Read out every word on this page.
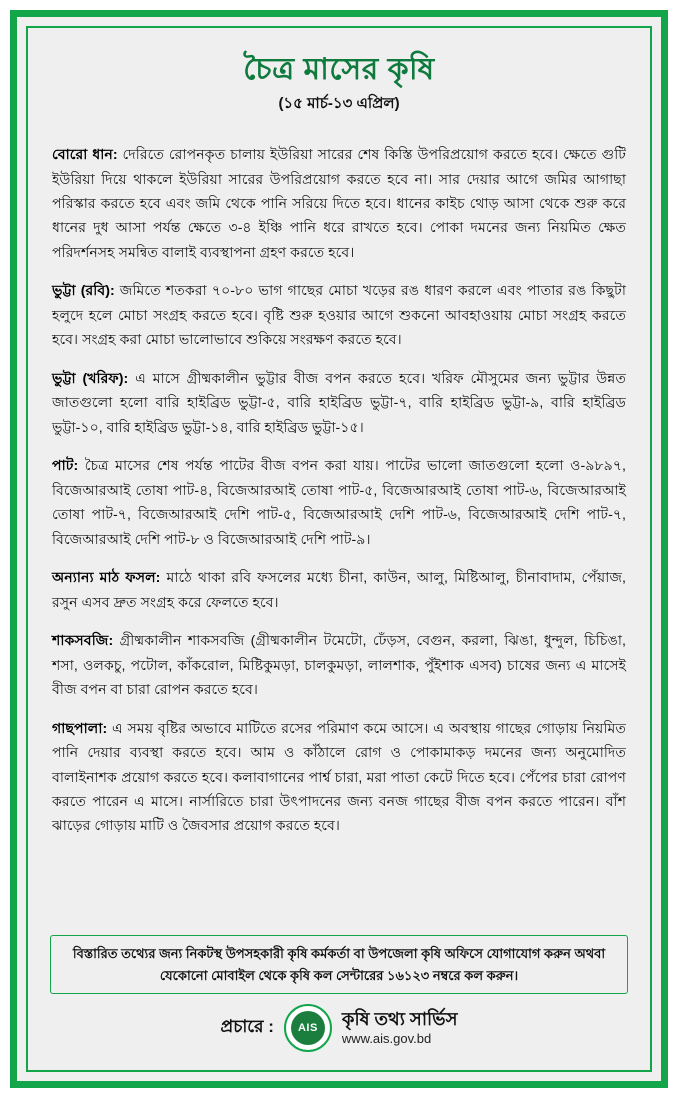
চৈত্র মাসের কৃষি
(১৫ মার্চ-১৩ এপ্রিল)

বোরো ধান: দেরিতে রোপনকৃত চালায় ইউরিয়া সারের শেষ কিস্তি উপরিপ্রয়োগ করতে হবে। ক্ষেতে গুটি ইউরিয়া দিয়ে থাকলে ইউরিয়া সারের উপরিপ্রয়োগ করতে হবে না। সার দেয়ার আগে জমির আগাছা পরিস্কার করতে হবে এবং জমি থেকে পানি সরিয়ে দিতে হবে। ধানের কাইচ থোড় আসা থেকে শুরু করে ধানের দুধ আসা পর্যন্ত ক্ষেতে ৩-৪ ইঞ্চি পানি ধরে রাখতে হবে। পোকা দমনের জন্য নিয়মিত ক্ষেত পরিদর্শনসহ সমন্বিত বালাই ব্যবস্থাপনা গ্রহণ করতে হবে।

ভুট্টা (রবি): জমিতে শতকরা ৭০-৮০ ভাগ গাছের মোচা খড়ের রঙ ধারণ করলে এবং পাতার রঙ কিছুটা হলুদে হলে মোচা সংগ্রহ করতে হবে। বৃষ্টি শুরু হওয়ার আগে শুকনো আবহাওয়ায় মোচা সংগ্রহ করতে হবে। সংগ্রহ করা মোচা ভালোভাবে শুকিয়ে সংরক্ষণ করতে হবে।

ভুট্টা (খরিফ): এ মাসে গ্রীষ্মকালীন ভুট্টার বীজ বপন করতে হবে। খরিফ মৌসুমের জন্য ভুট্টার উন্নত জাতগুলো হলো বারি হাইব্রিড ভুট্টা-৫, বারি হাইব্রিড ভুট্টা-৭, বারি হাইব্রিড ভুট্টা-৯, বারি হাইব্রিড ভুট্টা-১০, বারি হাইব্রিড ভুট্টা-১৪, বারি হাইব্রিড ভুট্টা-১৫।

পাট: চৈত্র মাসের শেষ পর্যন্ত পাটের বীজ বপন করা যায়। পাটের ভালো জাতগুলো হলো ও-৯৮৯৭, বিজেআরআই তোষা পাট-৪, বিজেআরআই তোষা পাট-৫, বিজেআরআই তোষা পাট-৬, বিজেআরআই তোষা পাট-৭, বিজেআরআই দেশি পাট-৫, বিজেআরআই দেশি পাট-৬, বিজেআরআই দেশি পাট-৭, বিজেআরআই দেশি পাট-৮ ও বিজেআরআই দেশি পাট-৯।

অন্যান্য মাঠ ফসল: মাঠে থাকা রবি ফসলের মধ্যে চীনা, কাউন, আলু, মিষ্টিআলু, চীনাবাদাম, পেঁয়াজ, রসুন এসব দ্রুত সংগ্রহ করে ফেলতে হবে।

শাকসবজি: গ্রীষ্মকালীন শাকসবজি (গ্রীষ্মকালীন টমেটো, ঢেঁড়স, বেগুন, করলা, ঝিঙা, ধুন্দুল, চিচিঙা, শসা, ওলকচু, পটোল, কাঁকরোল, মিষ্টিকুমড়া, চালকুমড়া, লালশাক, পুঁইশাক এসব) চাষের জন্য এ মাসেই বীজ বপন বা চারা রোপন করতে হবে।

গাছপালা: এ সময় বৃষ্টির অভাবে মাটিতে রসের পরিমাণ কমে আসে। এ অবস্থায় গাছের গোড়ায় নিয়মিত পানি দেয়ার ব্যবস্থা করতে হবে। আম ও কাঁঠালে রোগ ও পোকামাকড় দমনের জন্য অনুমোদিত বালাইনাশক প্রয়োগ করতে হবে। কলাবাগানের পার্শ্ব চারা, মরা পাতা কেটে দিতে হবে। পেঁপের চারা রোপণ করতে পারেন এ মাসে। নার্সারিতে চারা উৎপাদনের জন্য বনজ গাছের বীজ বপন করতে পারেন। বাঁশ ঝাড়ের গোড়ায় মাটি ও জৈবসার প্রয়োগ করতে হবে।

বিস্তারিত তথ্যের জন্য নিকটস্থ উপসহকারী কৃষি কর্মকর্তা বা উপজেলা কৃষি অফিসে যোগাযোগ করুন অথবা যেকোনো মোবাইল থেকে কৃষি কল সেন্টারের ১৬১২৩ নম্বরে কল করুন।
প্রচারে : AIS কৃষি তথ্য সার্ভিস
www.ais.gov.bd
